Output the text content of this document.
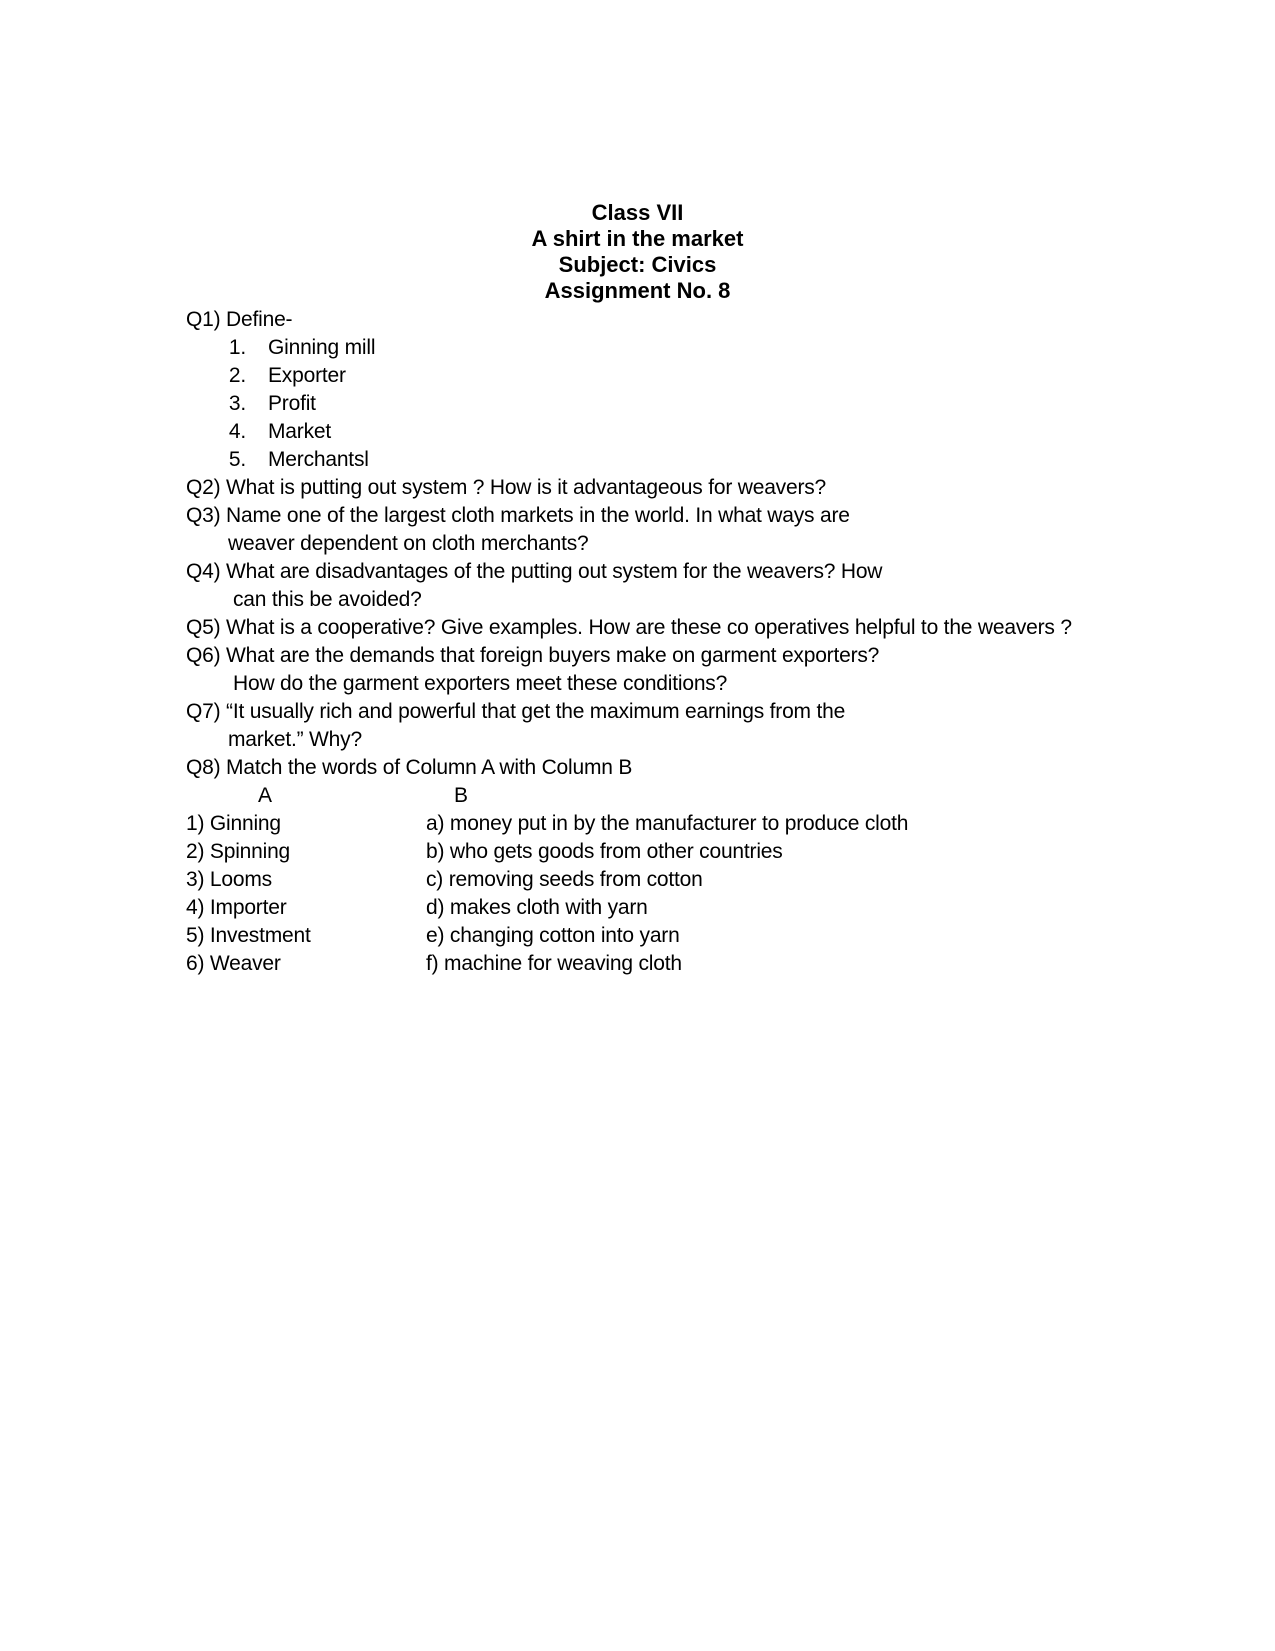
Class VII
A shirt in the market
Subject: Civics
Assignment No. 8
Q1) Define-
1. Ginning mill
2. Exporter
3. Profit
4. Market
5. Merchantsl
Q2) What is putting out system ? How is it advantageous for weavers?
Q3) Name one of the largest cloth markets in the world. In what ways are
weaver dependent on cloth merchants?
Q4) What are disadvantages of the putting out system for the weavers? How
can this be avoided?
Q5) What is a cooperative? Give examples. How are these co operatives helpful to the weavers ?
Q6) What are the demands that foreign buyers make on garment exporters?
How do the garment exporters meet these conditions?
Q7) “It usually rich and powerful that get the maximum earnings from the
market.” Why?
Q8) Match the words of Column A with Column B
A	B
1) Ginning	a) money put in by the manufacturer to produce cloth
2) Spinning	b) who gets goods from other countries
3) Looms	c) removing seeds from cotton
4) Importer	d) makes cloth with yarn
5) Investment	e) changing cotton into yarn
6) Weaver	f) machine for weaving cloth
